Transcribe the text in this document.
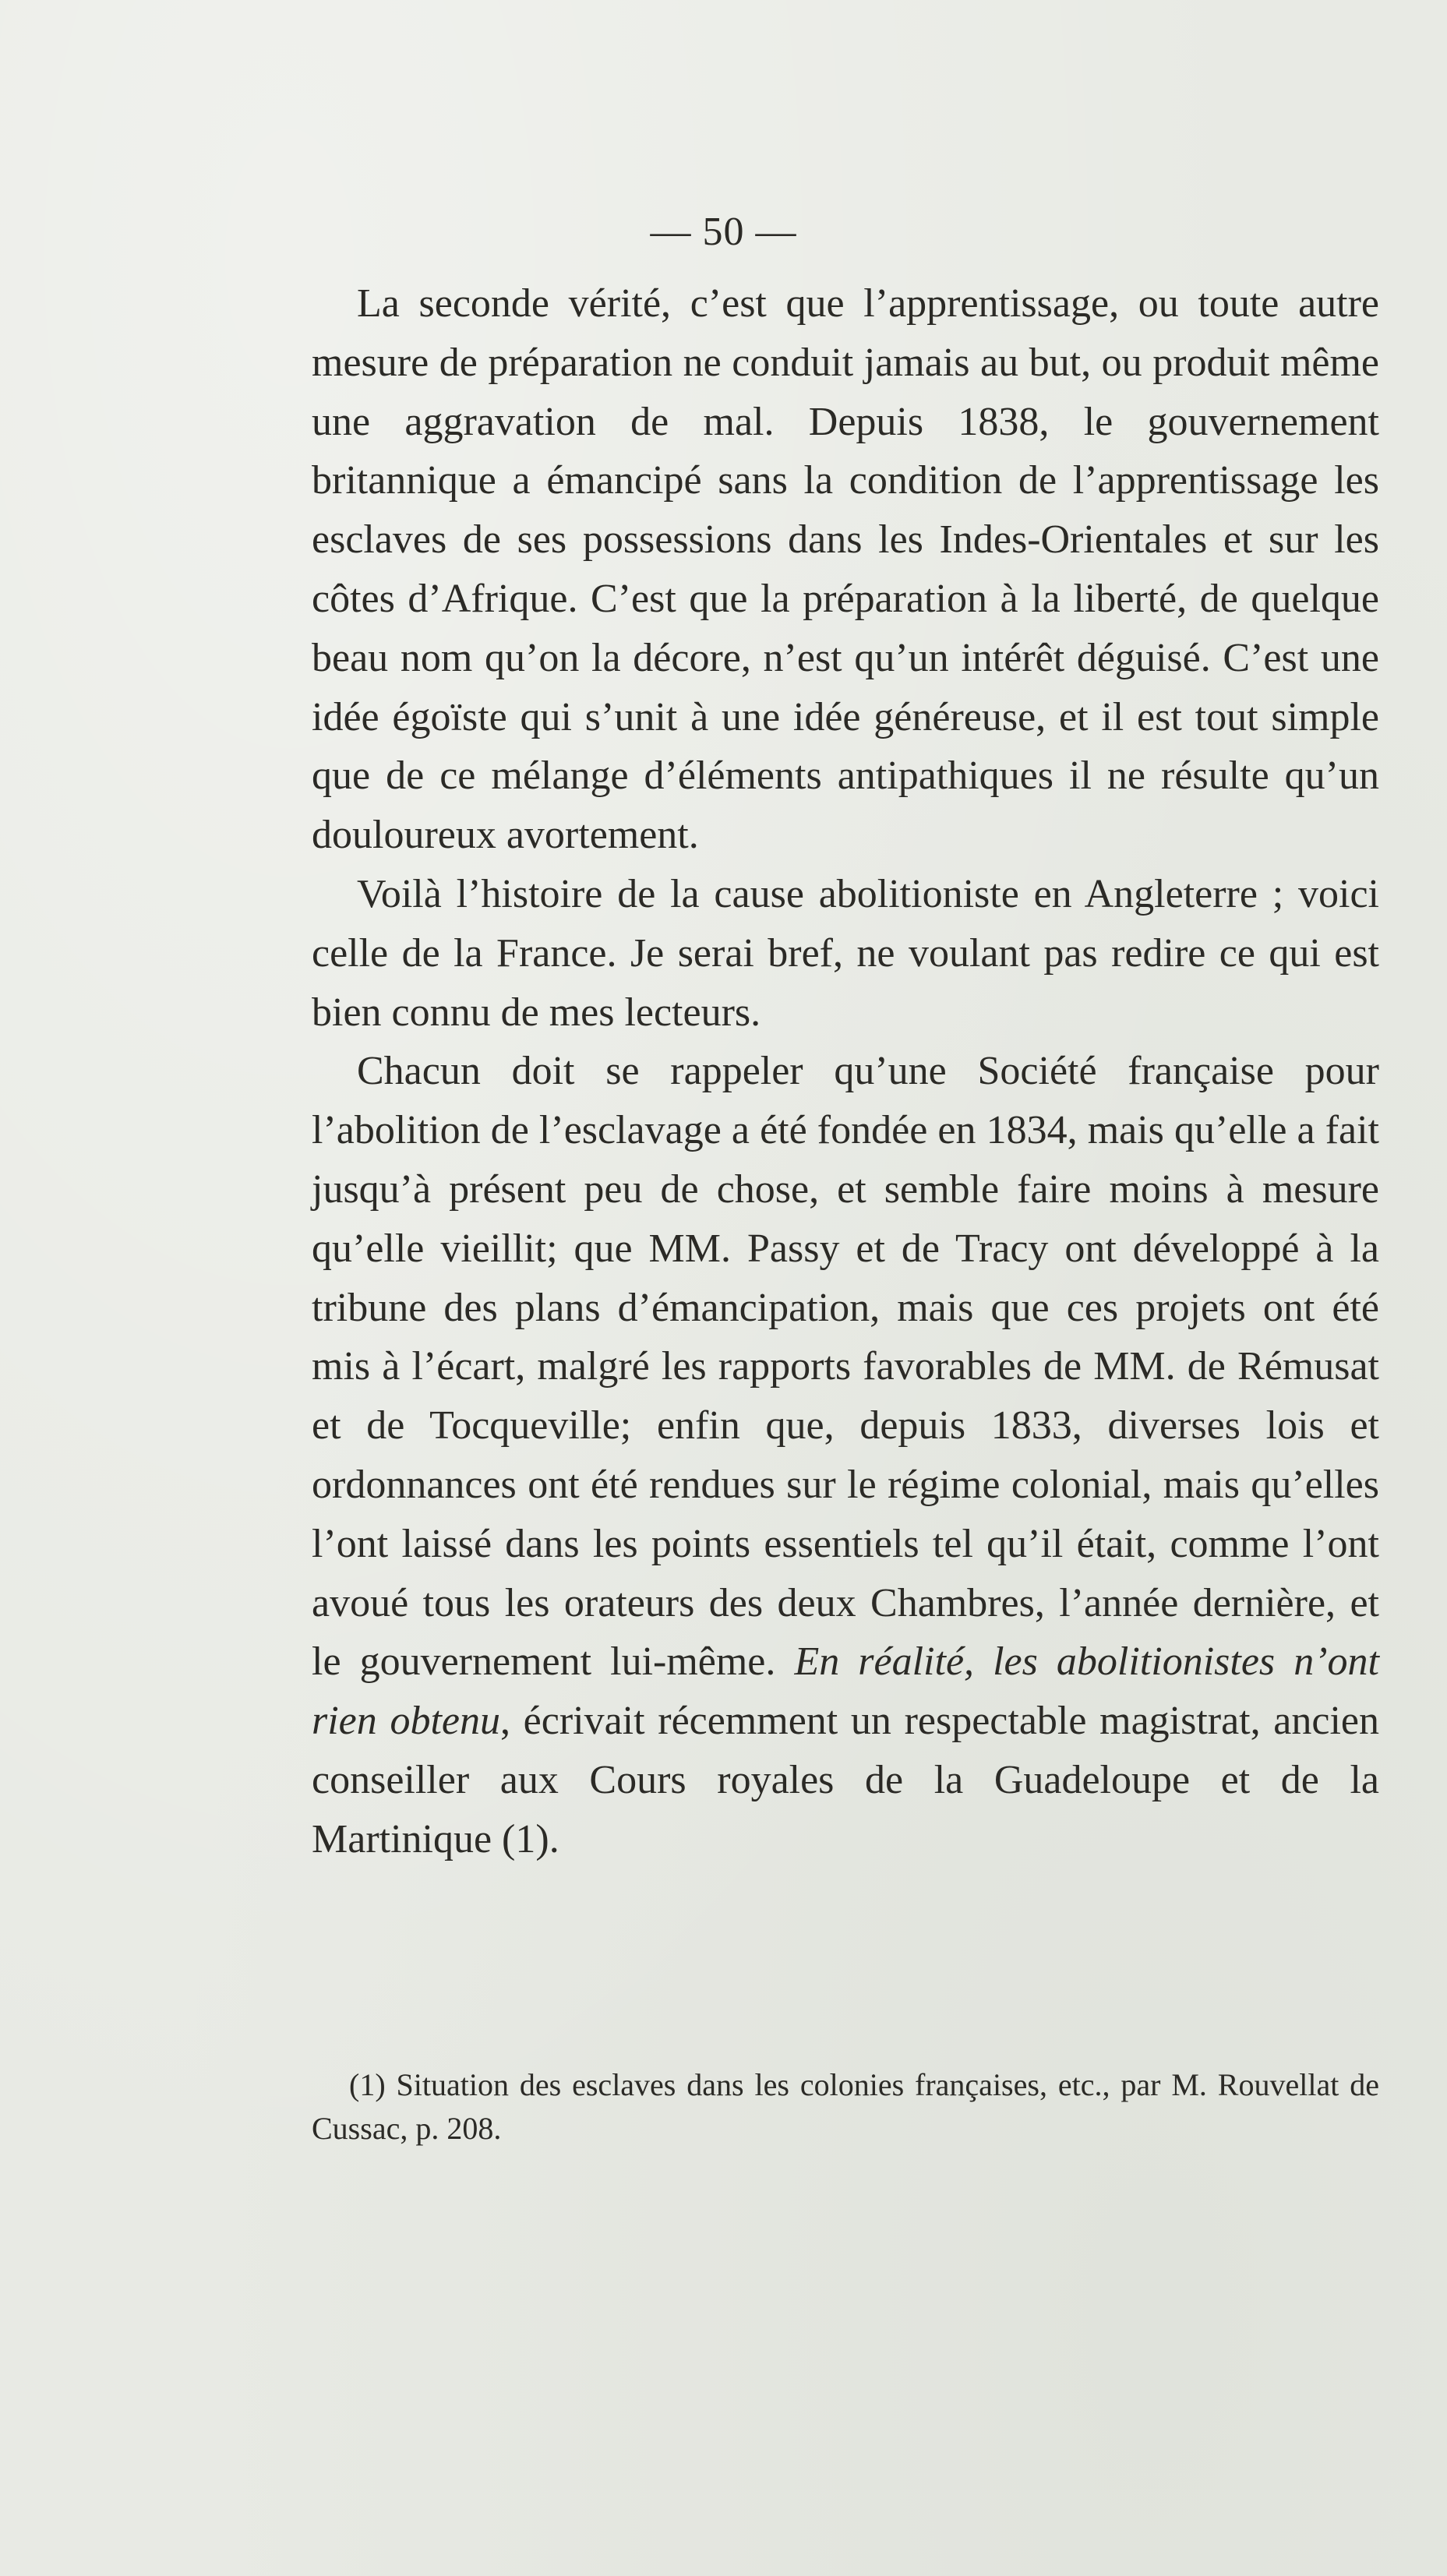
— 50 —

La seconde vérité, c’est que l’apprentissage, ou toute autre mesure de préparation ne conduit jamais au but, ou produit même une aggravation de mal. Depuis 1838, le gouvernement britannique a émancipé sans la condition de l’apprentissage les esclaves de ses possessions dans les Indes-Orientales et sur les côtes d’Afrique. C’est que la préparation à la liberté, de quelque beau nom qu’on la décore, n’est qu’un intérêt déguisé. C’est une idée égoïste qui s’unit à une idée généreuse, et il est tout simple que de ce mélange d’éléments antipathiques il ne résulte qu’un douloureux avortement.

Voilà l’histoire de la cause abolitioniste en Angleterre ; voici celle de la France. Je serai bref, ne voulant pas redire ce qui est bien connu de mes lecteurs.

Chacun doit se rappeler qu’une Société française pour l’abolition de l’esclavage a été fondée en 1834, mais qu’elle a fait jusqu’à présent peu de chose, et semble faire moins à mesure qu’elle vieillit; que MM. Passy et de Tracy ont développé à la tribune des plans d’émancipation, mais que ces projets ont été mis à l’écart, malgré les rapports favorables de MM. de Rémusat et de Tocqueville; enfin que, depuis 1833, diverses lois et ordonnances ont été rendues sur le régime colonial, mais qu’elles l’ont laissé dans les points essentiels tel qu’il était, comme l’ont avoué tous les orateurs des deux Chambres, l’année dernière, et le gouvernement lui-même. En réalité, les abolitionistes n’ont rien obtenu, écrivait récemment un respectable magistrat, ancien conseiller aux Cours royales de la Guadeloupe et de la Martinique (1).

(1) Situation des esclaves dans les colonies françaises, etc., par M. Rouvellat de Cussac, p. 208.
